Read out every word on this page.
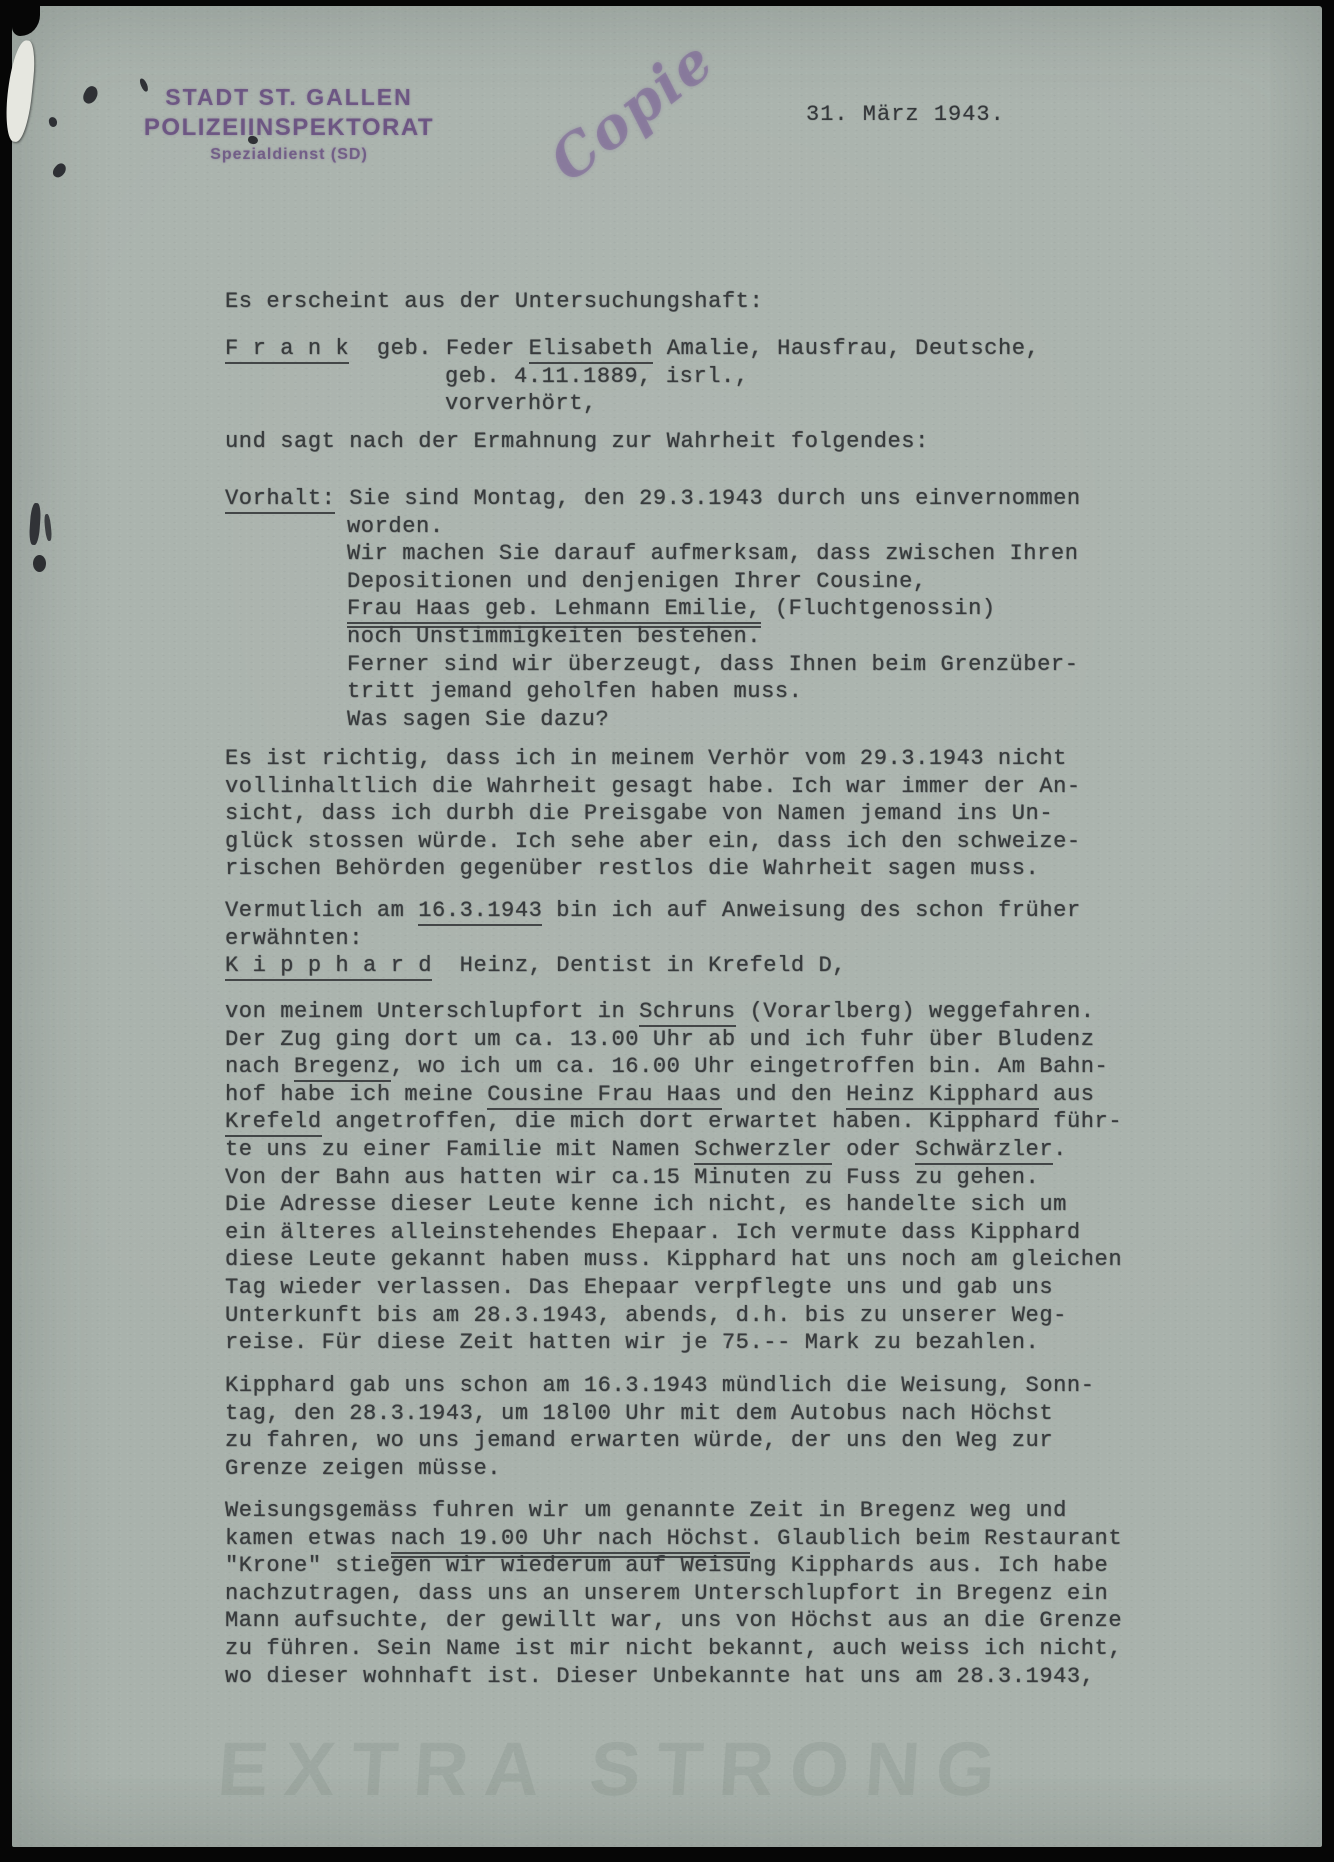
STADT ST. GALLEN
POLIZEIINSPEKTORAT
Spezialdienst (SD)	Copie	31. März 1943.
Es erscheint aus der Untersuchungshaft:
F r a n k  geb. Feder Elisabeth Amalie, Hausfrau, Deutsche,
geb. 4.11.1889, isrl.,
vorverhört,
und sagt nach der Ermahnung zur Wahrheit folgendes:
Vorhalt: Sie sind Montag, den 29.3.1943 durch uns einvernommen
worden.
Wir machen Sie darauf aufmerksam, dass zwischen Ihren
Depositionen und denjenigen Ihrer Cousine,
Frau Haas geb. Lehmann Emilie, (Fluchtgenossin)
noch Unstimmigkeiten bestehen.
Ferner sind wir überzeugt, dass Ihnen beim Grenzüber-
tritt jemand geholfen haben muss.
Was sagen Sie dazu?
Es ist richtig, dass ich in meinem Verhör vom 29.3.1943 nicht
vollinhaltlich die Wahrheit gesagt habe. Ich war immer der An-
sicht, dass ich durbh die Preisgabe von Namen jemand ins Un-
glück stossen würde. Ich sehe aber ein, dass ich den schweize-
rischen Behörden gegenüber restlos die Wahrheit sagen muss.
Vermutlich am 16.3.1943 bin ich auf Anweisung des schon früher
erwähnten:
K i p p h a r d  Heinz, Dentist in Krefeld D,
von meinem Unterschlupfort in Schruns (Vorarlberg) weggefahren.
Der Zug ging dort um ca. 13.00 Uhr ab und ich fuhr über Bludenz
nach Bregenz, wo ich um ca. 16.00 Uhr eingetroffen bin. Am Bahn-
hof habe ich meine Cousine Frau Haas und den Heinz Kipphard aus
Krefeld angetroffen, die mich dort erwartet haben. Kipphard führ-
te uns zu einer Familie mit Namen Schwerzler oder Schwärzler.
Von der Bahn aus hatten wir ca.15 Minuten zu Fuss zu gehen.
Die Adresse dieser Leute kenne ich nicht, es handelte sich um
ein älteres alleinstehendes Ehepaar. Ich vermute dass Kipphard
diese Leute gekannt haben muss. Kipphard hat uns noch am gleichen
Tag wieder verlassen. Das Ehepaar verpflegte uns und gab uns
Unterkunft bis am 28.3.1943, abends, d.h. bis zu unserer Weg-
reise. Für diese Zeit hatten wir je 75.-- Mark zu bezahlen.
Kipphard gab uns schon am 16.3.1943 mündlich die Weisung, Sonn-
tag, den 28.3.1943, um 18l00 Uhr mit dem Autobus nach Höchst
zu fahren, wo uns jemand erwarten würde, der uns den Weg zur
Grenze zeigen müsse.
Weisungsgemäss fuhren wir um genannte Zeit in Bregenz weg und
kamen etwas nach 19.00 Uhr nach Höchst. Glaublich beim Restaurant
"Krone" stiegen wir wiederum auf Weisung Kipphards aus. Ich habe
nachzutragen, dass uns an unserem Unterschlupfort in Bregenz ein
Mann aufsuchte, der gewillt war, uns von Höchst aus an die Grenze
zu führen. Sein Name ist mir nicht bekannt, auch weiss ich nicht,
wo dieser wohnhaft ist. Dieser Unbekannte hat uns am 28.3.1943,
EXTRA STRONG
